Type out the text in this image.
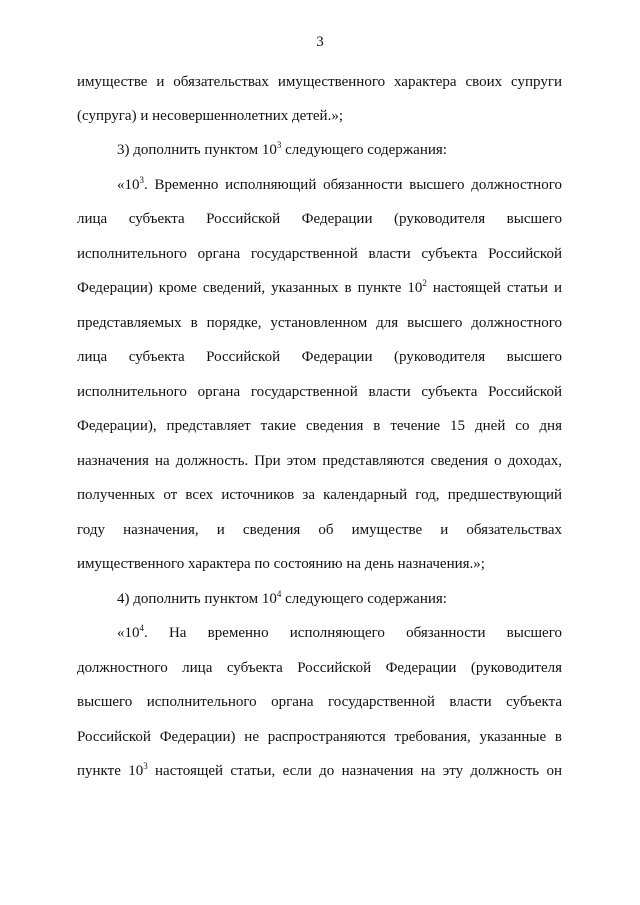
3
имуществе и обязательствах имущественного характера своих супруги
(супруга) и несовершеннолетних детей.»;
3) дополнить пунктом $10^3$ следующего содержания:
«$10^3$. Временно исполняющий обязанности высшего должностного
лица субъекта Российской Федерации (руководителя высшего
исполнительного органа государственной власти субъекта Российской
Федерации) кроме сведений, указанных в пункте $10^2$ настоящей статьи и
представляемых в порядке, установленном для высшего должностного
лица субъекта Российской Федерации (руководителя высшего
исполнительного органа государственной власти субъекта Российской
Федерации), представляет такие сведения в течение 15 дней со дня
назначения на должность. При этом представляются сведения о доходах,
полученных от всех источников за календарный год, предшествующий
году назначения, и сведения об имуществе и обязательствах
имущественного характера по состоянию на день назначения.»;
4) дополнить пунктом $10^4$ следующего содержания:
«$10^4$. На временно исполняющего обязанности высшего
должностного лица субъекта Российской Федерации (руководителя
высшего исполнительного органа государственной власти субъекта
Российской Федерации) не распространяются требования, указанные в
пункте $10^3$ настоящей статьи, если до назначения на эту должность он
